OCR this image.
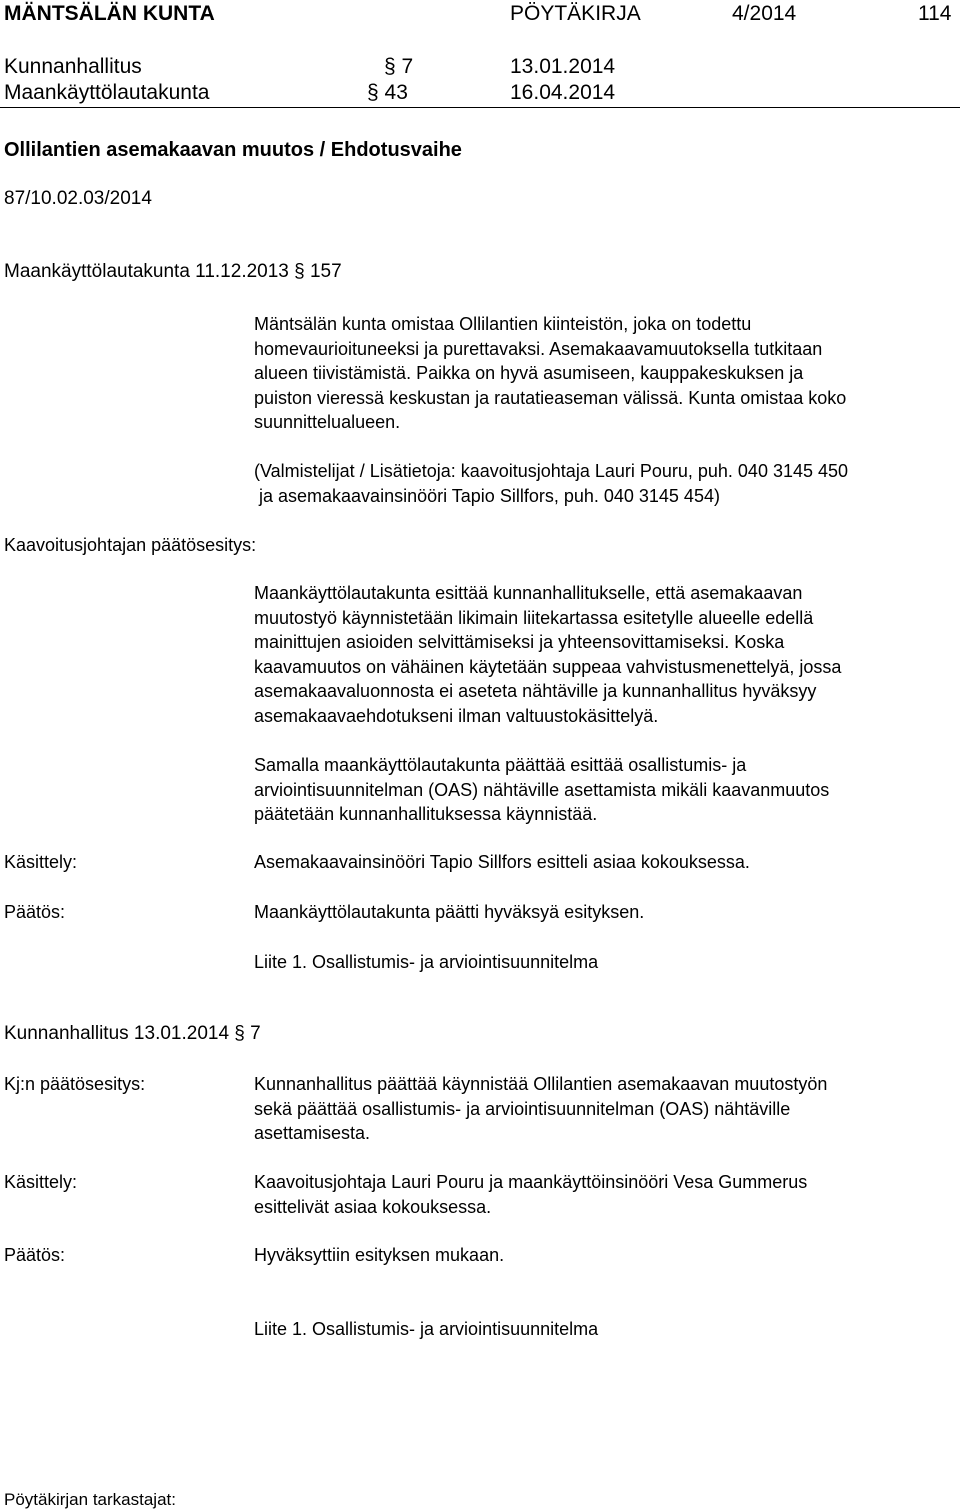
MÄNTSÄLÄN KUNTA	PÖYTÄKIRJA	4/2014	114
Kunnanhallitus	§ 7	13.01.2014
Maankäyttölautakunta	§ 43	16.04.2014
Ollilantien asemakaavan muutos / Ehdotusvaihe
87/10.02.03/2014
Maankäyttölautakunta 11.12.2013 § 157
Mäntsälän kunta omistaa Ollilantien kiinteistön, joka on todettu
homevaurioituneeksi ja purettavaksi. Asemakaavamuutoksella tutkitaan
alueen tiivistämistä. Paikka on hyvä asumiseen, kauppakeskuksen ja
puiston vieressä keskustan ja rautatieaseman välissä. Kunta omistaa koko
suunnittelualueen.
(Valmistelijat / Lisätietoja: kaavoitusjohtaja Lauri Pouru, puh. 040 3145 450
ja asemakaavainsinööri Tapio Sillfors, puh. 040 3145 454)
Kaavoitusjohtajan päätösesitys:
Maankäyttölautakunta esittää kunnanhallitukselle, että asemakaavan
muutostyö käynnistetään likimain liitekartassa esitetylle alueelle edellä
mainittujen asioiden selvittämiseksi ja yhteensovittamiseksi. Koska
kaavamuutos on vähäinen käytetään suppeaa vahvistusmenettelyä, jossa
asemakaavaluonnosta ei aseteta nähtäville ja kunnanhallitus hyväksyy
asemakaavaehdotukseni ilman valtuustokäsittelyä.
Samalla maankäyttölautakunta päättää esittää osallistumis- ja
arviointisuunnitelman (OAS) nähtäville asettamista mikäli kaavanmuutos
päätetään kunnanhallituksessa käynnistää.
Käsittely:	Asemakaavainsinööri Tapio Sillfors esitteli asiaa kokouksessa.
Päätös:	Maankäyttölautakunta päätti hyväksyä esityksen.
Liite 1. Osallistumis- ja arviointisuunnitelma
Kunnanhallitus 13.01.2014 § 7
Kj:n päätösesitys:	Kunnanhallitus päättää käynnistää Ollilantien asemakaavan muutostyön
sekä päättää osallistumis- ja arviointisuunnitelman (OAS) nähtäville
asettamisesta.
Käsittely:	Kaavoitusjohtaja Lauri Pouru ja maankäyttöinsinööri Vesa Gummerus
esittelivät asiaa kokouksessa.
Päätös:	Hyväksyttiin esityksen mukaan.
Liite 1. Osallistumis- ja arviointisuunnitelma
Pöytäkirjan tarkastajat:
